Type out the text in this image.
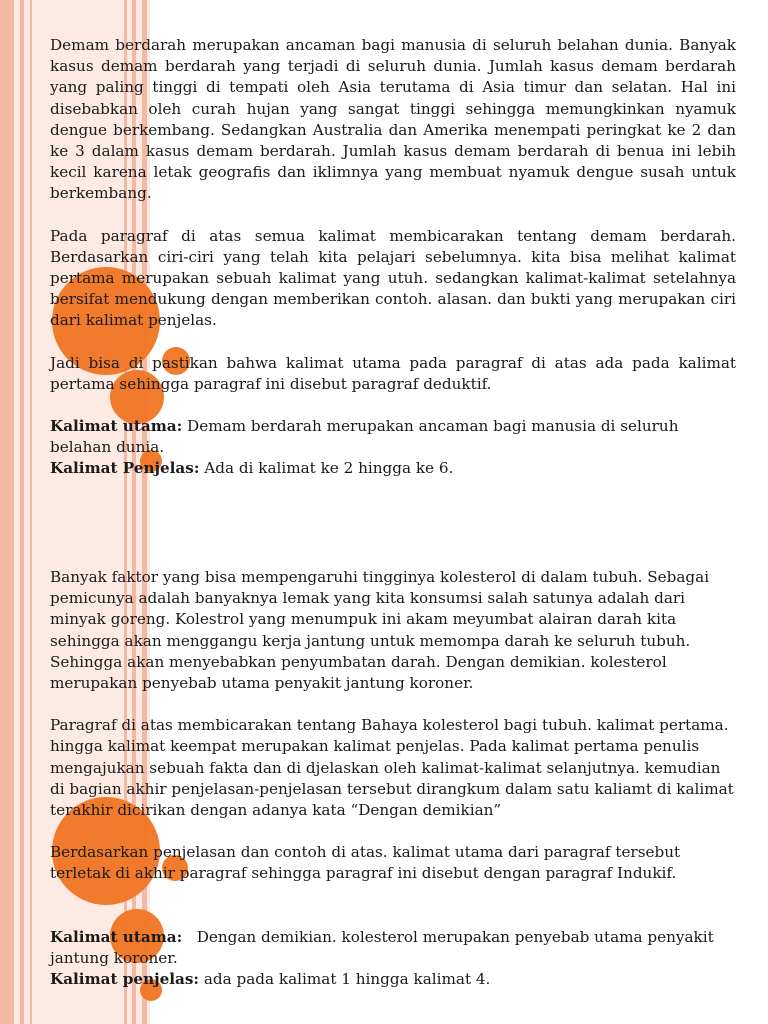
Demam berdarah merupakan ancaman bagi manusia di seluruh belahan dunia. Banyak kasus demam berdarah yang terjadi di seluruh dunia. Jumlah kasus demam berdarah yang paling tinggi di tempati oleh Asia terutama di Asia timur dan selatan. Hal ini disebabkan oleh curah hujan yang sangat tinggi sehingga memungkinkan nyamuk dengue berkembang. Sedangkan Australia dan Amerika menempati peringkat ke 2 dan ke 3 dalam kasus demam berdarah. Jumlah kasus demam berdarah di benua ini lebih kecil karena letak geografis dan iklimnya yang membuat nyamuk dengue susah untuk berkembang.

Pada paragraf di atas semua kalimat membicarakan tentang demam berdarah. Berdasarkan ciri-ciri yang telah kita pelajari sebelumnya. kita bisa melihat kalimat pertama merupakan sebuah kalimat yang utuh. sedangkan kalimat-kalimat setelahnya bersifat mendukung dengan memberikan contoh. alasan. dan bukti yang merupakan ciri dari kalimat penjelas.

Jadi bisa di pastikan bahwa kalimat utama pada paragraf di atas ada pada kalimat pertama sehingga paragraf ini disebut paragraf deduktif.

Kalimat utama: Demam berdarah merupakan ancaman bagi manusia di seluruh belahan dunia.
Kalimat Penjelas: Ada di kalimat ke 2 hingga ke 6.

Banyak faktor yang bisa mempengaruhi tingginya kolesterol di dalam tubuh. Sebagai pemicunya adalah banyaknya lemak yang kita konsumsi salah satunya adalah dari minyak goreng. Kolestrol yang menumpuk ini akam meyumbat alairan darah kita sehingga akan menggangu kerja jantung untuk memompa darah ke seluruh tubuh. Sehingga akan menyebabkan penyumbatan darah. Dengan demikian. kolesterol merupakan penyebab utama penyakit jantung koroner.

Paragraf di atas membicarakan tentang Bahaya kolesterol bagi tubuh. kalimat pertama. hingga kalimat keempat merupakan kalimat penjelas. Pada kalimat pertama penulis mengajukan sebuah fakta dan di djelaskan oleh kalimat-kalimat selanjutnya. kemudian di bagian akhir penjelasan-penjelasan tersebut dirangkum dalam satu kaliamt di kalimat terakhir dicirikan dengan adanya kata “Dengan demikian”

Berdasarkan penjelasan dan contoh di atas. kalimat utama dari paragraf tersebut terletak di akhir paragraf sehingga paragraf ini disebut dengan paragraf Indukif.

Kalimat utama:   Dengan demikian. kolesterol merupakan penyebab utama penyakit jantung koroner.
Kalimat penjelas: ada pada kalimat 1 hingga kalimat 4.
